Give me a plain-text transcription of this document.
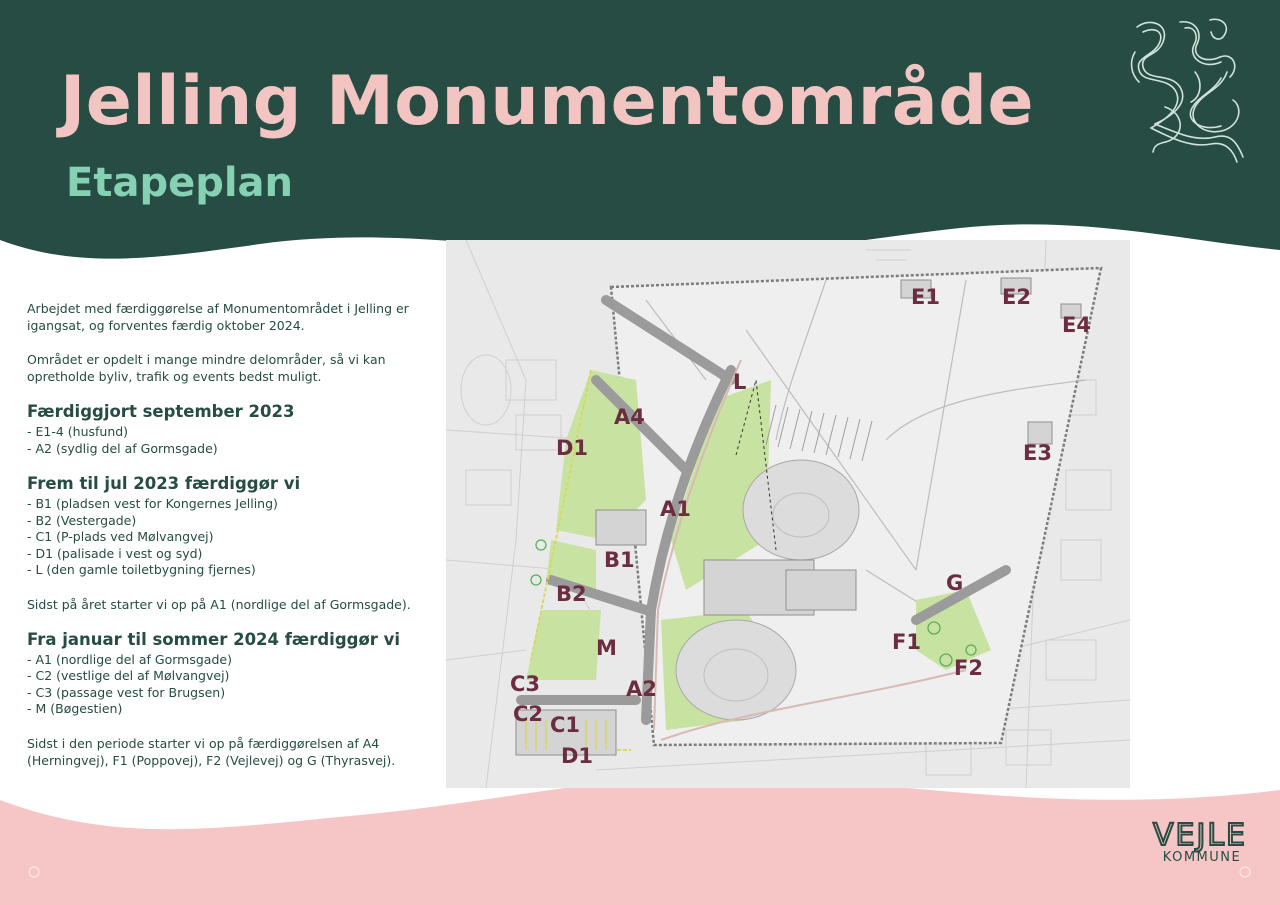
Jelling Monumentområde
Etapeplan

Arbejdet med færdiggørelse af Monumentområdet i Jelling er igangsat, og forventes færdig oktober 2024.

Området er opdelt i mange mindre delområder, så vi kan opretholde byliv, trafik og events bedst muligt.

Færdiggjort september 2023
- E1-4 (husfund)
- A2 (sydlig del af Gormsgade)
Frem til jul 2023 færdiggør vi
- B1 (pladsen vest for Kongernes Jelling)
- B2 (Vestergade)
- C1 (P-plads ved Mølvangvej)
- D1 (palisade i vest og syd)
- L (den gamle toiletbygning fjernes)

Sidst på året starter vi op på A1 (nordlige del af Gormsgade).

Fra januar til sommer 2024 færdiggør vi
- A1 (nordlige del af Gormsgade)
- C2 (vestlige del af Mølvangvej)
- C3 (passage vest for Brugsen)
- M (Bøgestien)

Sidst i den periode starter vi op på færdiggørelsen af A4 (Herningvej), F1 (Poppovej), F2 (Vejlevej) og G (Thyrasvej).

E1	E2
E4
E3
L
A4
D1
A1
B1
B2	G
F1
F2
M
C3	A2
C2 C1
D1
VEJLE
KOMMUNE
